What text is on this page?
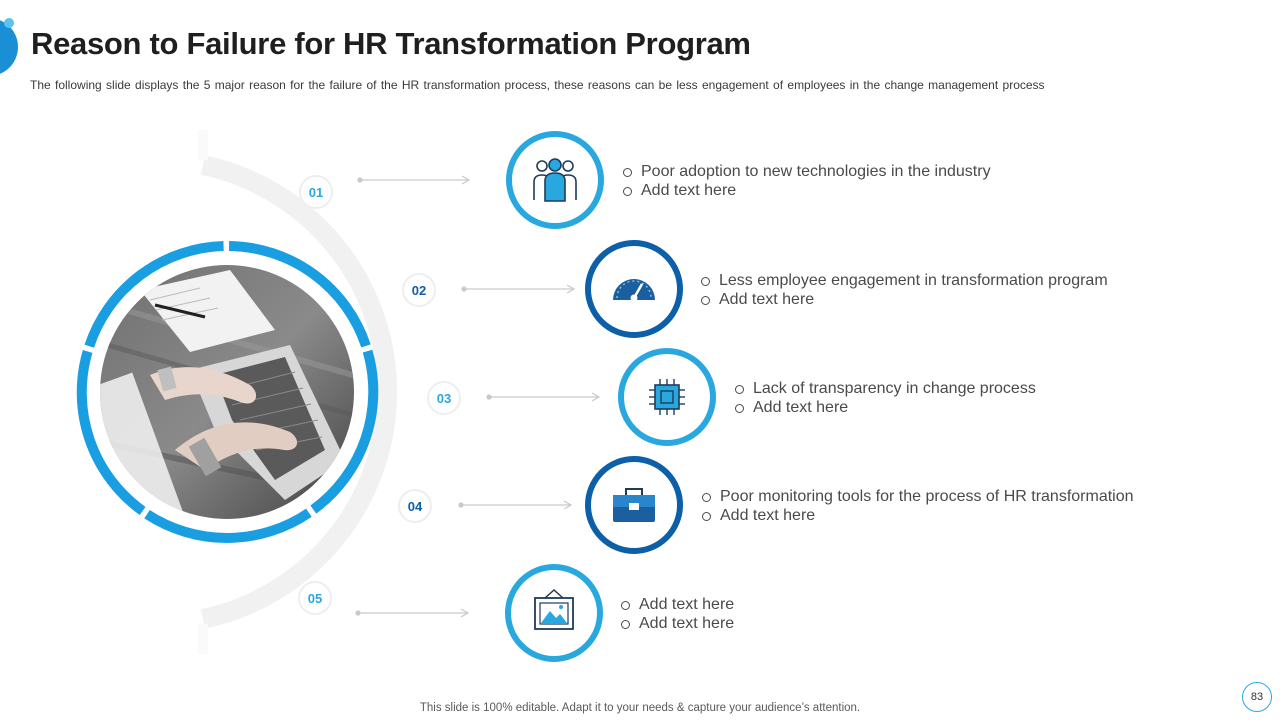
Reason to Failure for HR Transformation Program

The following slide displays the 5 major reason for the failure of the HR transformation process, these reasons can be less engagement of employees in the change management process

01
02
03
04
05
Poor adoption to new technologies in the industry
Add text here
Less employee engagement in transformation program
Add text here
Lack of transparency in change process
Add text here
Poor monitoring tools for the process of HR transformation
Add text here
Add text here
Add text here
This slide is 100% editable. Adapt it to your needs & capture your audience’s attention.
83
